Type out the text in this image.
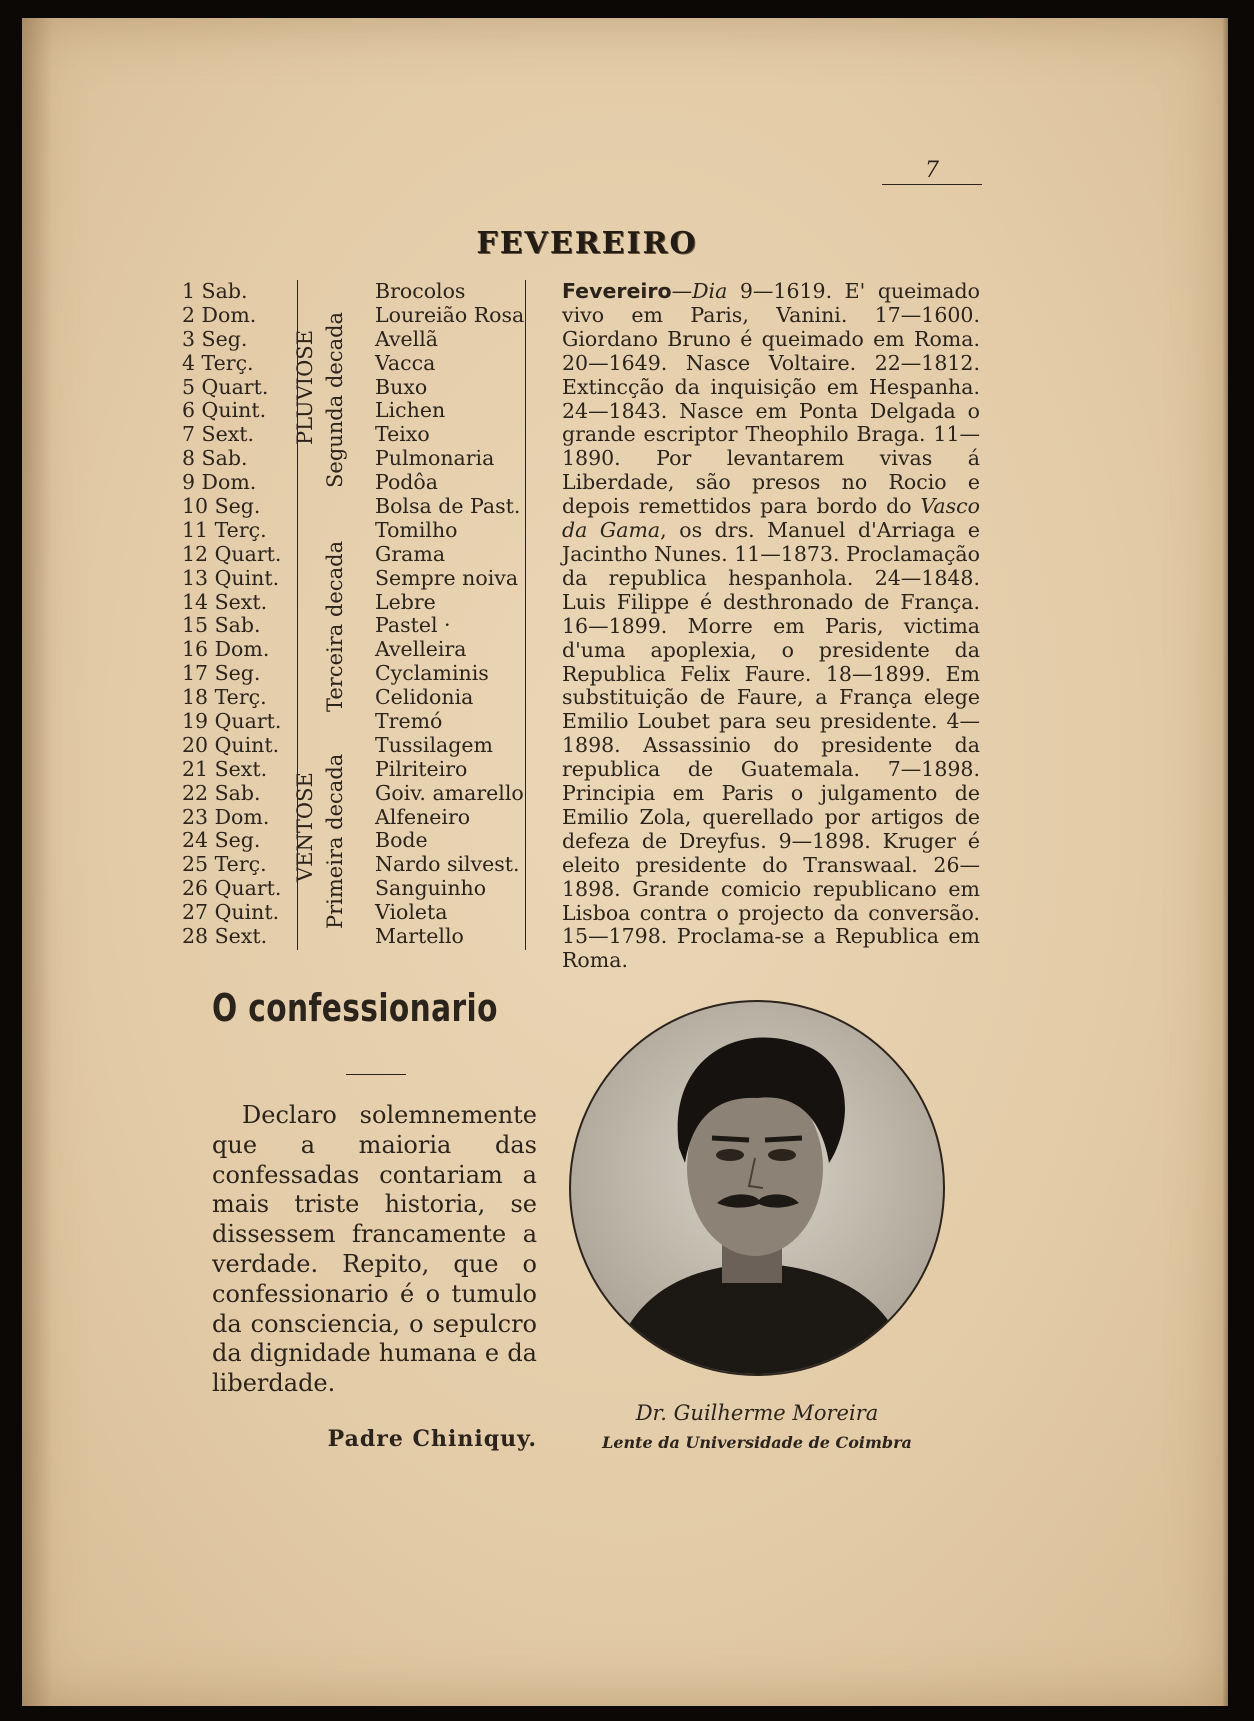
7
FEVEREIRO
1 Sab.
2 Dom.
3 Seg.
4 Terç.
5 Quart.
6 Quint.
7 Sext.
8 Sab.
9 Dom.
10 Seg.
11 Terç.
12 Quart.
13 Quint.
14 Sext.
15 Sab.
16 Dom.
17 Seg.
18 Terç.
19 Quart.
20 Quint.
21 Sext.
22 Sab.
23 Dom.
24 Seg.
25 Terç.
26 Quart.
27 Quint.
28 Sext.
PLUVIOSE
VENTOSE
Segunda decada
Terceira decada
Primeira decada
Brocolos
Loureião Rosa
Avellã
Vacca
Buxo
Lichen
Teixo
Pulmonaria
Podôa
Bolsa de Past.
Tomilho
Grama
Sempre noiva
Lebre
Pastel ·
Avelleira
Cyclaminis
Celidonia
Tremó
Tussilagem
Pilriteiro
Goiv. amarello
Alfeneiro
Bode
Nardo silvest.
Sanguinho
Violeta
Martello
Fevereiro—Dia 9—1619. E' queimado vivo em Paris, Vanini. 17—1600. Giordano Bruno é queimado em Roma. 20—1649. Nasce Voltaire. 22—1812. Extincção da inquisição em Hespanha. 24—1843. Nasce em Ponta Delgada o grande escriptor Theophilo Braga. 11—1890. Por levantarem vivas á Liberdade, são presos no Rocio e depois remettidos para bordo do Vasco da Gama, os drs. Manuel d'Arriaga e Jacintho Nunes. 11—1873. Proclamação da republica hespanhola. 24—1848. Luis Filippe é desthronado de França. 16—1899. Morre em Paris, victima d'uma apoplexia, o presidente da Republica Felix Faure. 18—1899. Em substituição de Faure, a França elege Emilio Loubet para seu presidente. 4—1898. Assassinio do presidente da republica de Guatemala. 7—1898. Principia em Paris o julgamento de Emilio Zola, querellado por artigos de defeza de Dreyfus. 9—1898. Kruger é eleito presidente do Transwaal. 26—1898. Grande comicio republicano em Lisboa contra o projecto da conversão. 15—1798. Proclama-se a Republica em Roma.
O confessionario
Declaro solemnemente que a maioria das confessadas contariam a mais triste historia, se dissessem francamente a verdade. Repito, que o confessionario é o tumulo da consciencia, o sepulcro da dignidade humana e da liberdade.
Padre Chiniquy.
Dr. Guilherme Moreira
Lente da Universidade de Coimbra
